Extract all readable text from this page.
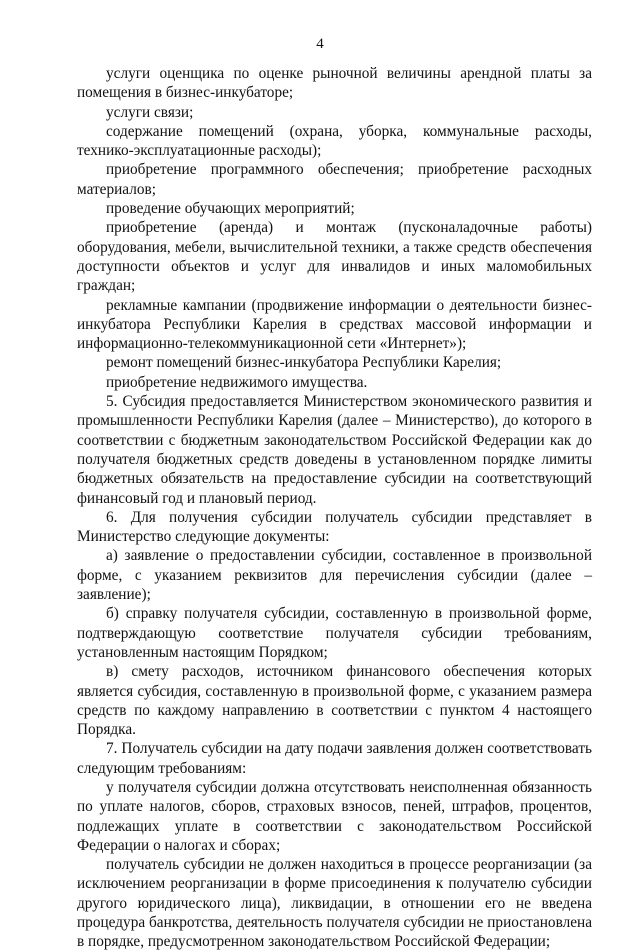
4

услуги оценщика по оценке рыночной величины арендной платы за помещения в бизнес-инкубаторе;

услуги связи;

содержание помещений (охрана, уборка, коммунальные расходы, технико-эксплуатационные расходы);

приобретение программного обеспечения; приобретение расходных материалов;

проведение обучающих мероприятий;

приобретение (аренда) и монтаж (пусконаладочные работы) оборудования, мебели, вычислительной техники, а также средств обеспечения доступности объектов и услуг для инвалидов и иных маломобильных граждан;

рекламные кампании (продвижение информации о деятельности бизнес-инкубатора Республики Карелия в средствах массовой информации и информационно-телекоммуникационной сети «Интернет»);

ремонт помещений бизнес-инкубатора Республики Карелия;

приобретение недвижимого имущества.

5. Субсидия предоставляется Министерством экономического развития и промышленности Республики Карелия (далее – Министерство), до которого в соответствии с бюджетным законодательством Российской Федерации как до получателя бюджетных средств доведены в установленном порядке лимиты бюджетных обязательств на предоставление субсидии на соответствующий финансовый год и плановый период.

6. Для получения субсидии получатель субсидии представляет в Министерство следующие документы:

а) заявление о предоставлении субсидии, составленное в произвольной форме, с указанием реквизитов для перечисления субсидии (далее – заявление);

б) справку получателя субсидии, составленную в произвольной форме, подтверждающую соответствие получателя субсидии требованиям, установленным настоящим Порядком;

в) смету расходов, источником финансового обеспечения которых является субсидия, составленную в произвольной форме, с указанием размера средств по каждому направлению в соответствии с пунктом 4 настоящего Порядка.

7. Получатель субсидии на дату подачи заявления должен соответствовать следующим требованиям:

у получателя субсидии должна отсутствовать неисполненная обязанность по уплате налогов, сборов, страховых взносов, пеней, штрафов, процентов, подлежащих уплате в соответствии с законодательством Российской Федерации о налогах и сборах;

получатель субсидии не должен находиться в процессе реорганизации (за исключением реорганизации в форме присоединения к получателю субсидии другого юридического лица), ликвидации, в отношении его не введена процедура банкротства, деятельность получателя субсидии не приостановлена в порядке, предусмотренном законодательством Российской Федерации;
